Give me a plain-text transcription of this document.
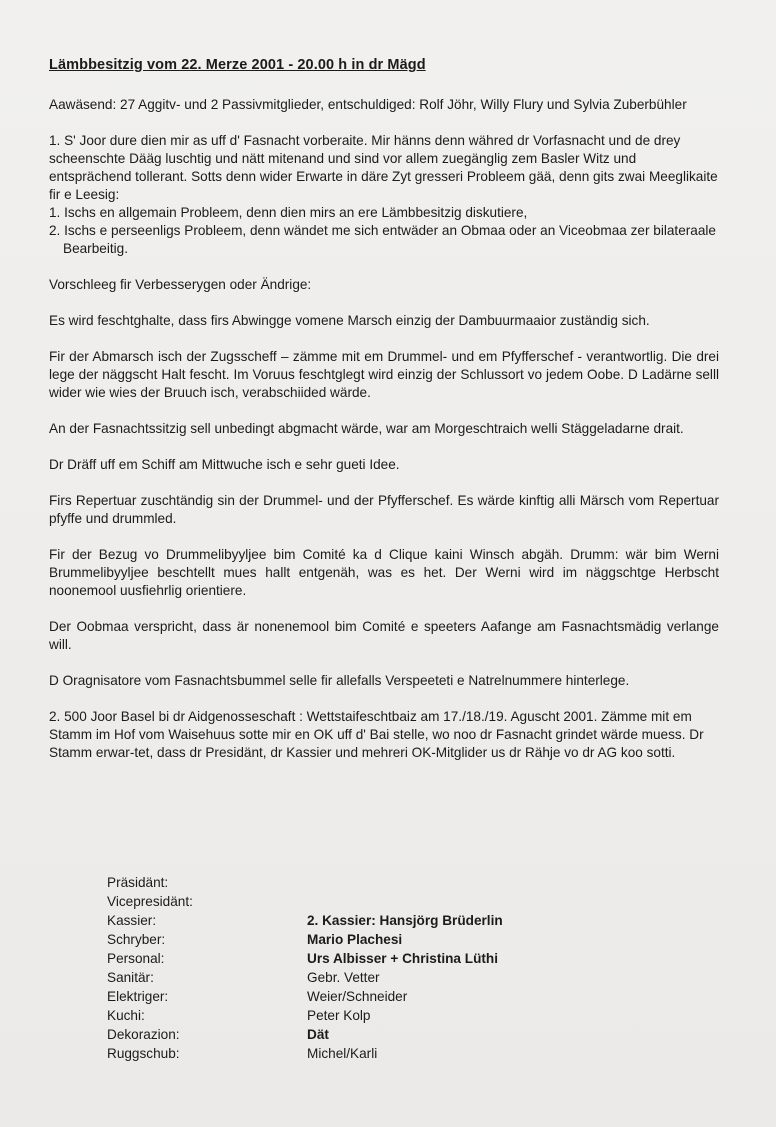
Lämbbesitzig vom 22. Merze 2001 - 20.00 h in dr Mägd

Aawäsend: 27 Aggitv- und 2 Passivmitglieder, entschuldiged: Rolf Jöhr, Willy Flury und Sylvia Zuberbühler

1. S' Joor dure dien mir as uff d' Fasnacht vorberaite. Mir hänns denn währed dr Vorfasnacht und de drey scheenschte Dääg luschtig und nätt mitenand und sind vor allem zuegänglig zem Basler Witz und entsprächend tollerant. Sotts denn wider Erwarte in däre Zyt gresseri Probleem gää, denn gits zwai Meeglikaite fir e Leesig:

1. Ischs en allgemain Probleem, denn dien mirs an ere Lämbbesitzig diskutiere,

2. Ischs e perseenligs Probleem, denn wändet me sich entwäder an Obmaa oder an Viceobmaa zer bilateraale Bearbeitig.

Vorschleeg fir Verbesserygen oder Ändrige:

Es wird feschtghalte, dass firs Abwingge vomene Marsch einzig der Dambuurmaaior zuständig sich.

Fir der Abmarsch isch der Zugsscheff – zämme mit em Drummel- und em Pfyfferschef - verantwortlig. Die drei lege der näggscht Halt fescht. Im Voruus feschtglegt wird einzig der Schlussort vo jedem Oobe. D Ladärne selll wider wie wies der Bruuch isch, verabschiided wärde.

An der Fasnachtssitzig sell unbedingt abgmacht wärde, war am Morgeschtraich welli Stäggeladarne drait.

Dr Dräff uff em Schiff am Mittwuche isch e sehr gueti Idee.

Firs Repertuar zuschtändig sin der Drummel- und der Pfyfferschef. Es wärde kinftig alli Märsch vom Repertuar pfyffe und drummled.

Fir der Bezug vo Drummelibyyljee bim Comité ka d Clique kaini Winsch abgäh. Drumm: wär bim Werni Brummelibyyljee beschtellt mues hallt entgenäh, was es het. Der Werni wird im näggschtge Herbscht noonemool uusfiehrlig orientiere.

Der Oobmaa verspricht, dass är nonenemool bim Comité e speeters Aafange am Fasnachtsmädig verlange will.

D Oragnisatore vom Fasnachtsbummel selle fir allefalls Verspeeteti e Natrelnummere hinterlege.

2. 500 Joor Basel bi dr Aidgenosseschaft : Wettstaifeschtbaiz am 17./18./19. Aguscht 2001. Zämme mit em Stamm im Hof vom Waisehuus sotte mir en OK uff d' Bai stelle, wo noo dr Fasnacht grindet wärde muess. Dr Stamm erwar-tet, dass dr Presidänt, dr Kassier und mehreri OK-Mitglider us dr Rähje vo dr AG koo sotti.

Präsidänt:
Vicepresidänt:
Kassier:	2. Kassier: Hansjörg Brüderlin
Schryber:	Mario Plachesi
Personal:	Urs Albisser + Christina Lüthi
Sanitär:	Gebr. Vetter
Elektriger:	Weier/Schneider
Kuchi:	Peter Kolp
Dekorazion:	Dät
Ruggschub:	Michel/Karli
